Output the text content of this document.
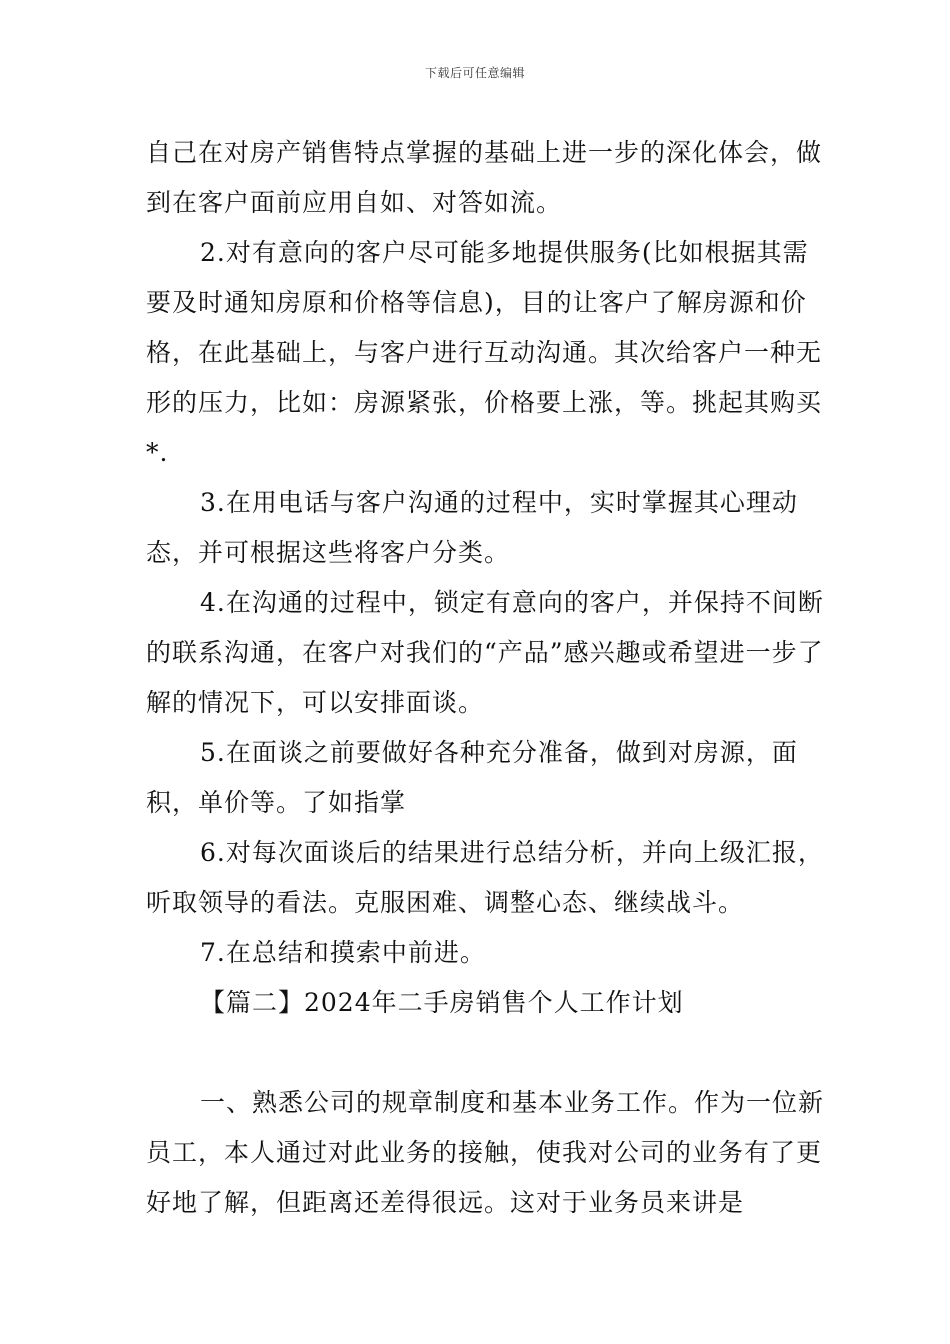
下载后可任意编辑

自己在对房产销售特点掌握的基础上进一步的深化体会，做到在客户面前应用自如、对答如流。

2.对有意向的客户尽可能多地提供服务(比如根据其需要及时通知房原和价格等信息)，目的让客户了解房源和价格，在此基础上，与客户进行互动沟通。其次给客户一种无形的压力，比如：房源紧张，价格要上涨，等。挑起其购买*.

3.在用电话与客户沟通的过程中，实时掌握其心理动态，并可根据这些将客户分类。

4.在沟通的过程中，锁定有意向的客户，并保持不间断的联系沟通，在客户对我们的“产品”感兴趣或希望进一步了解的情况下，可以安排面谈。

5.在面谈之前要做好各种充分准备，做到对房源，面积，单价等。了如指掌

6.对每次面谈后的结果进行总结分析，并向上级汇报，听取领导的看法。克服困难、调整心态、继续战斗。

7.在总结和摸索中前进。

【篇二】2024年二手房销售个人工作计划

一、熟悉公司的规章制度和基本业务工作。作为一位新员工，本人通过对此业务的接触，使我对公司的业务有了更好地了解，但距离还差得很远。这对于业务员来讲是
